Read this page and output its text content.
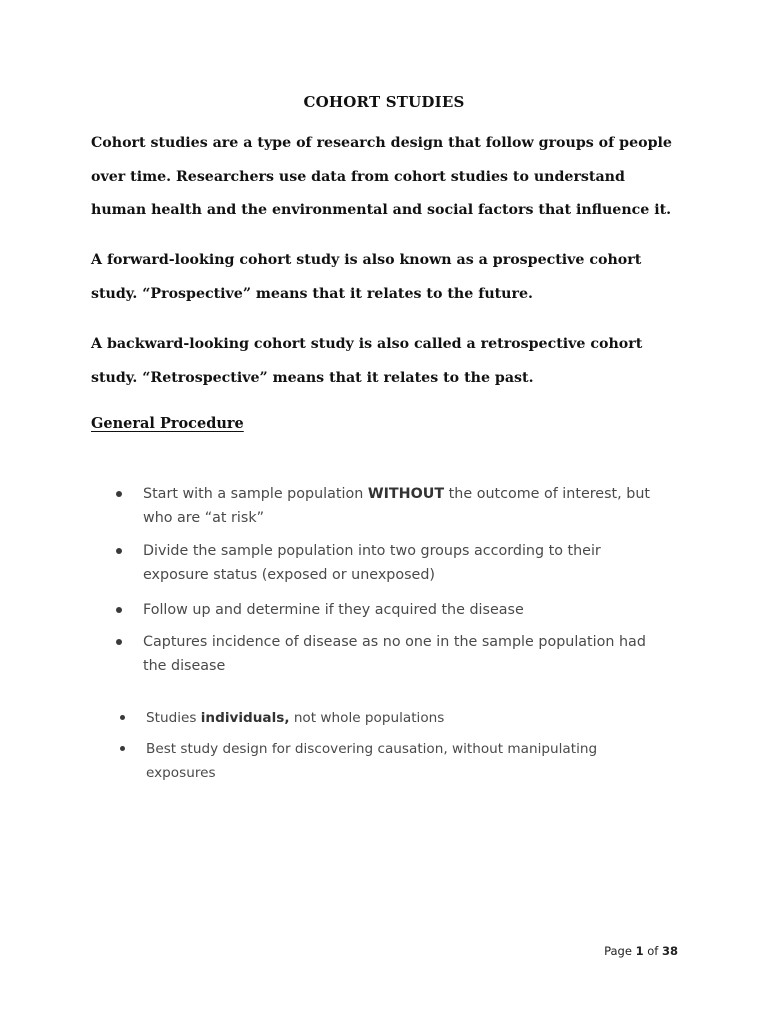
COHORT STUDIES

Cohort studies are a type of research design that follow groups of people
over time. Researchers use data from cohort studies to understand
human health and the environmental and social factors that influence it.

A forward-looking cohort study is also known as a prospective cohort
study. “Prospective” means that it relates to the future.

A backward-looking cohort study is also called a retrospective cohort
study. “Retrospective” means that it relates to the past.

General Procedure
Start with a sample population WITHOUT the outcome of interest, but
who are “at risk”
Divide the sample population into two groups according to their
exposure status (exposed or unexposed)
Follow up and determine if they acquired the disease
Captures incidence of disease as no one in the sample population had
the disease
Studies individuals, not whole populations
Best study design for discovering causation, without manipulating
exposures
Page 1 of 38
